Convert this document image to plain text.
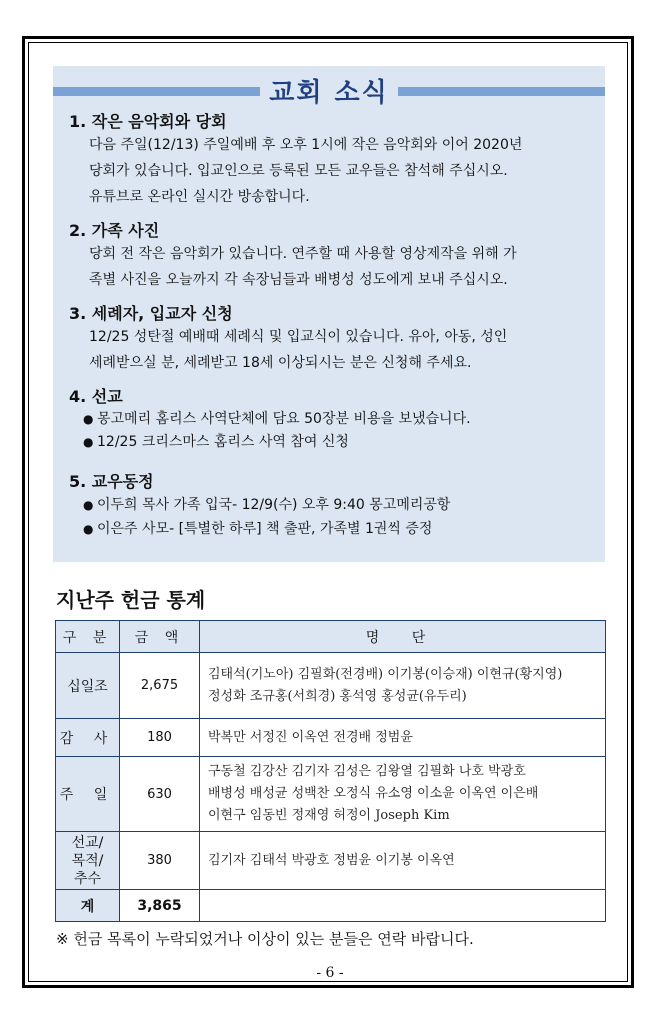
교회 소식
1. 작은 음악회와 당회
다음 주일(12/13) 주일예배 후 오후 1시에 작은 음악회와 이어 2020년
당회가 있습니다. 입교인으로 등록된 모든 교우들은 참석해 주십시오.
유튜브로 온라인 실시간 방송합니다.
2. 가족 사진
당회 전 작은 음악회가 있습니다. 연주할 때 사용할 영상제작을 위해 가
족별 사진을 오늘까지 각 속장님들과 배병성 성도에게 보내 주십시오.
3. 세례자, 입교자 신청
12/25 성탄절 예배때 세례식 및 입교식이 있습니다. 유아, 아동, 성인
세례받으실 분, 세례받고 18세 이상되시는 분은 신청해 주세요.
4. 선교
● 몽고메리 홈리스 사역단체에 담요 50장분 비용을 보냈습니다.
● 12/25 크리스마스 홈리스 사역 참여 신청
5. 교우동정
● 이두희 목사 가족 입국- 12/9(수) 오후 9:40 몽고메리공항
● 이은주 사모- [특별한 하루] 책 출판, 가족별 1권씩 증정
지난주 헌금 통계
구 분	금 액	명 단
십일조	2,675	김태석(기노아) 김필화(전경배) 이기봉(이승재) 이현규(황지영)
정성화 조규홍(서희경) 홍석영 홍성균(유두리)

감 사	180	박복만 서정진 이옥연 전경배 정범윤

주 일	630	구동철 김강산 김기자 김성은 김왕열 김필화 나호 박광호
배병성 배성균 성백찬 오정식 유소영 이소윤 이옥연 이은배
이현구 임동빈 정재영 허정이 Joseph Kim

선교/
목적/
추수	380	김기자 김태석 박광호 정범윤 이기봉 이옥연

계	3,865	
※ 헌금 목록이 누락되었거나 이상이 있는 분들은 연락 바랍니다.
- 6 -
